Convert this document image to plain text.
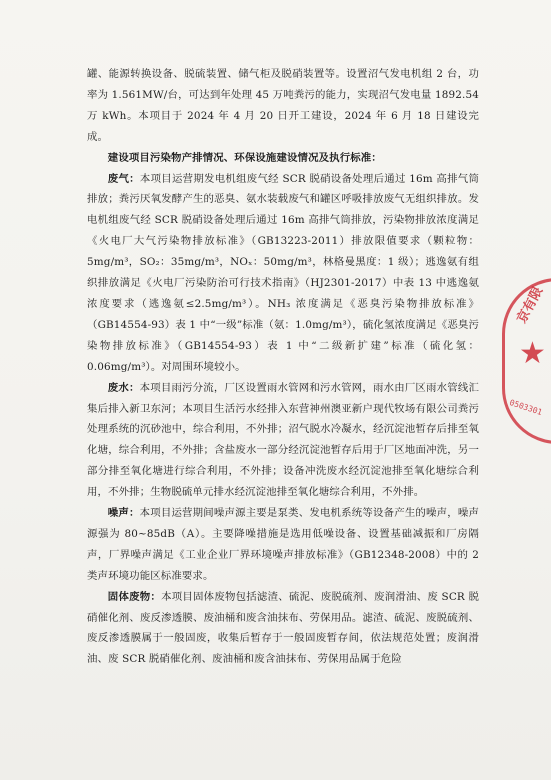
罐、能源转换设备、脱硫装置、储气柜及脱硝装置等。设置沼气发电机组 2 台，功率为 1.561MW/台，可达到年处理 45 万吨粪污的能力，实现沼气发电量 1892.54 万 kWh。本项目于 2024 年 4 月 20 日开工建设，2024 年 6 月 18 日建设完成。

建设项目污染物产排情况、环保设施建设情况及执行标准：

废气：本项目运营期发电机组废气经 SCR 脱硝设备处理后通过 16m 高排气筒排放；粪污厌氧发酵产生的恶臭、氨水装载废气和罐区呼吸排放废气无组织排放。发电机组废气经 SCR 脱硝设备处理后通过 16m 高排气筒排放，污染物排放浓度满足《火电厂大气污染物排放标准》（GB13223-2011）排放限值要求（颗粒物：5mg/m³，SO₂：35mg/m³，NOₓ：50mg/m³，林格曼黑度：1 级）；逃逸氨有组织排放满足《火电厂污染防治可行技术指南》（HJ2301-2017）中表 13 中逃逸氨浓度要求（逃逸氨≤2.5mg/m³）。NH₃ 浓度满足《恶臭污染物排放标准》（GB14554-93）表 1 中“一级”标准（氨：1.0mg/m³），硫化氢浓度满足《恶臭污染物排放标准》（GB14554-93）表 1 中“二级新扩建”标准（硫化氢：0.06mg/m³）。对周围环境较小。

废水：本项目雨污分流，厂区设置雨水管网和污水管网，雨水由厂区雨水管线汇集后排入新卫东河；本项目生活污水经排入东营神州澳亚新户现代牧场有限公司粪污处理系统的沉砂池中，综合利用，不外排；沼气脱水冷凝水，经沉淀池暂存后排至氧化塘，综合利用，不外排；含盐废水一部分经沉淀池暂存后用于厂区地面冲洗，另一部分排至氧化塘进行综合利用，不外排；设备冲洗废水经沉淀池排至氧化塘综合利用，不外排；生物脱硫单元排水经沉淀池排至氧化塘综合利用，不外排。

噪声：本项目运营期间噪声源主要是泵类、发电机系统等设备产生的噪声，噪声源强为 80~85dB（A）。主要降噪措施是选用低噪设备、设置基础减振和厂房隔声，厂界噪声满足《工业企业厂界环境噪声排放标准》（GB12348-2008）中的 2 类声环境功能区标准要求。

固体废物：本项目固体废物包括滤渣、硫泥、废脱硫剂、废润滑油、废 SCR 脱硝催化剂、废反渗透膜、废油桶和废含油抹布、劳保用品。滤渣、硫泥、废脱硫剂、废反渗透膜属于一般固废，收集后暂存于一般固废暂存间，依法规范处置；废润滑油、废 SCR 脱硝催化剂、废油桶和废含油抹布、劳保用品属于危险

京有限
★
0503301
